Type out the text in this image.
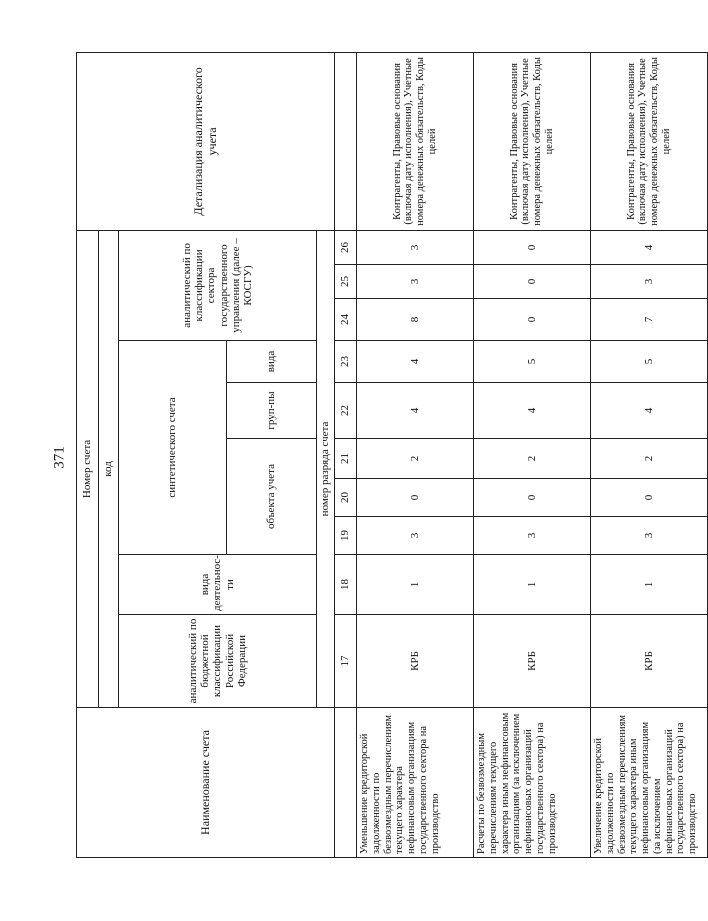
371
Наименование счета	Номер счета										Детализация аналитического учета
	код										
	аналитический по бюджетной классификации Российской Федерации	вида деятельнос-ти	синтетического счета					аналитический по классификации сектора государственного управления (далее – КОСГУ)			
			объекта учета			груп-пы	вида				
	номер разряда счета										
	17	18	19	20	21	22	23	24	25	26	
Уменьшение кредиторской задолженности по безвозмездным перечислениям текущего характера нефинансовым организациям государственного сектора на производство	КРБ	1	3	0	2	4	4	8	3	3	Контрагенты, Правовые основания (включая дату исполнения), Учетные номера денежных обязательств, Коды целей
Расчеты по безвозмездным перечислениям текущего характера иным нефинансовым организациям (за исключением нефинансовых организаций государственного сектора) на производство	КРБ	1	3	0	2	4	5	0	0	0	Контрагенты, Правовые основания (включая дату исполнения), Учетные номера денежных обязательств, Коды целей
Увеличение кредиторской задолженности по безвозмездным перечислениям текущего характера иным нефинансовым организациям (за исключением нефинансовых организаций государственного сектора) на производство	КРБ	1	3	0	2	4	5	7	3	4	Контрагенты, Правовые основания (включая дату исполнения), Учетные номера денежных обязательств, Коды целей
